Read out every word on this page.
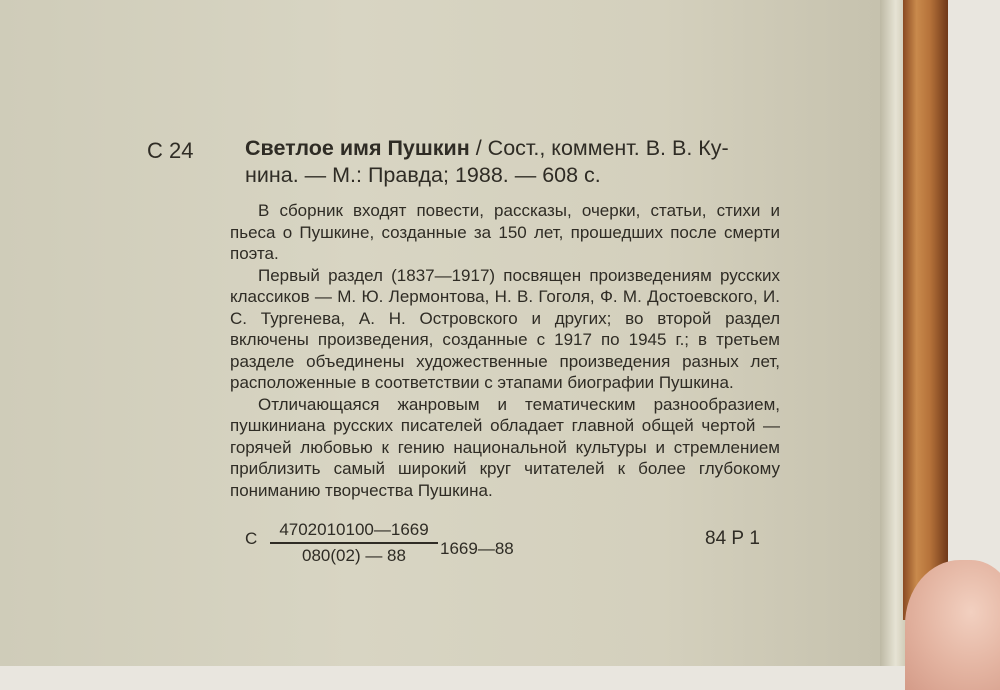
С 24 Светлое имя Пушкин / Сост., коммент. В. В. Ку-
нина. — М.: Правда; 1988. — 608 с.

В сборник входят повести, рассказы, очерки, статьи, стихи и пьеса о Пушкине, созданные за 150 лет, прошедших после смерти поэта.

Первый раздел (1837—1917) посвящен произведениям русских классиков — М. Ю. Лермонтова, Н. В. Гоголя, Ф. М. Достоевского, И. С. Тургенева, А. Н. Островского и других; во второй раздел включены произведения, созданные с 1917 по 1945 г.; в третьем разделе объединены художественные произведения разных лет, расположенные в соответствии с этапами биографии Пушкина.

Отличающаяся жанровым и тематическим разнообразием, пушкиниана русских писателей обладает главной общей чертой — горячей любовью к гению национальной культуры и стремлением приблизить самый широкий круг читателей к более глубокому пониманию творчества Пушкина.

С	4702010100—1669
080(02) — 88	1669—88	84 Р 1
